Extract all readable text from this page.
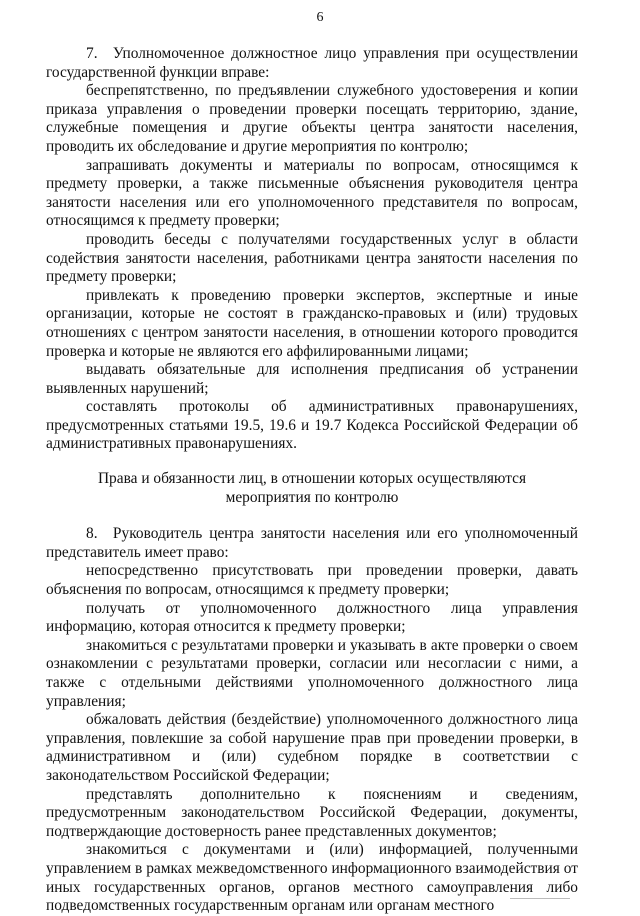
6

7. Уполномоченное должностное лицо управления при осуществлении государственной функции вправе:

беспрепятственно, по предъявлении служебного удостоверения и копии приказа управления о проведении проверки посещать территорию, здание, служебные помещения и другие объекты центра занятости населения, проводить их обследование и другие мероприятия по контролю;

запрашивать документы и материалы по вопросам, относящимся к предмету проверки, а также письменные объяснения руководителя центра занятости населения или его уполномоченного представителя по вопросам, относящимся к предмету проверки;

проводить беседы с получателями государственных услуг в области содействия занятости населения, работниками центра занятости населения по предмету проверки;

привлекать к проведению проверки экспертов, экспертные и иные организации, которые не состоят в гражданско-правовых и (или) трудовых отношениях с центром занятости населения, в отношении которого проводится проверка и которые не являются его аффилированными лицами;

выдавать обязательные для исполнения предписания об устранении выявленных нарушений;

составлять протоколы об административных правонарушениях, предусмотренных статьями 19.5, 19.6 и 19.7 Кодекса Российской Федерации об административных правонарушениях.

Права и обязанности лиц, в отношении которых осуществляются мероприятия по контролю

8. Руководитель центра занятости населения или его уполномоченный представитель имеет право:

непосредственно присутствовать при проведении проверки, давать объяснения по вопросам, относящимся к предмету проверки;

получать от уполномоченного должностного лица управления информацию, которая относится к предмету проверки;

знакомиться с результатами проверки и указывать в акте проверки о своем ознакомлении с результатами проверки, согласии или несогласии с ними, а также с отдельными действиями уполномоченного должностного лица управления;

обжаловать действия (бездействие) уполномоченного должностного лица управления, повлекшие за собой нарушение прав при проведении проверки, в административном и (или) судебном порядке в соответствии с законодательством Российской Федерации;

представлять дополнительно к пояснениям и сведениям, предусмотренным законодательством Российской Федерации, документы, подтверждающие достоверность ранее представленных документов;

знакомиться с документами и (или) информацией, полученными управлением в рамках межведомственного информационного взаимодействия от иных государственных органов, органов местного самоуправления либо подведомственных государственным органам или органам местного
